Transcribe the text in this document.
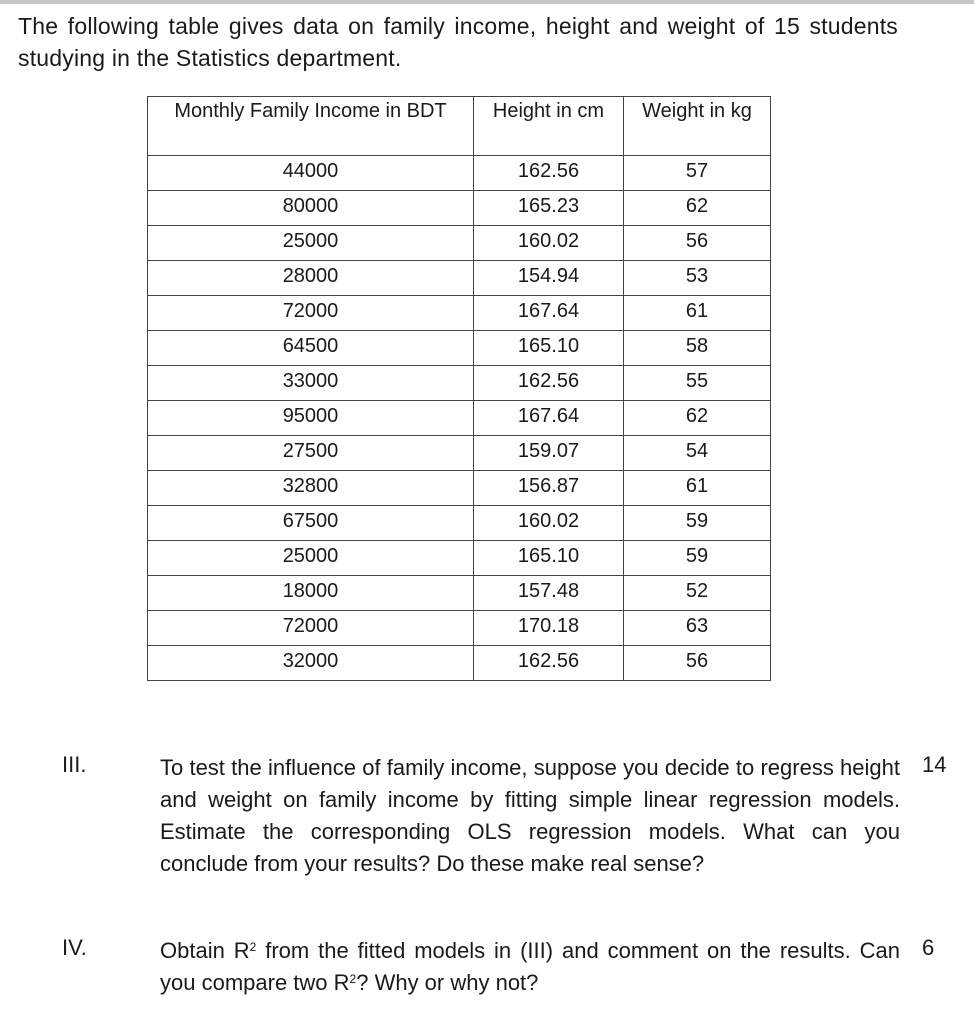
The following table gives data on family income, height and weight of 15 students studying in the Statistics department.
Monthly Family Income in BDT	Height in cm	Weight in kg
44000	162.56	57
80000	165.23	62
25000	160.02	56
28000	154.94	53
72000	167.64	61
64500	165.10	58
33000	162.56	55
95000	167.64	62
27500	159.07	54
32800	156.87	61
67500	160.02	59
25000	165.10	59
18000	157.48	52
72000	170.18	63
32000	162.56	56
III.	To test the influence of family income, suppose you decide to regress height and weight on family income by fitting simple linear regression models. Estimate the corresponding OLS regression models. What can you conclude from your results? Do these make real sense?
14
IV.	Obtain $R^2$ from the fitted models in (III) and comment on the results. Can you compare two $R^2$? Why or why not?
6
